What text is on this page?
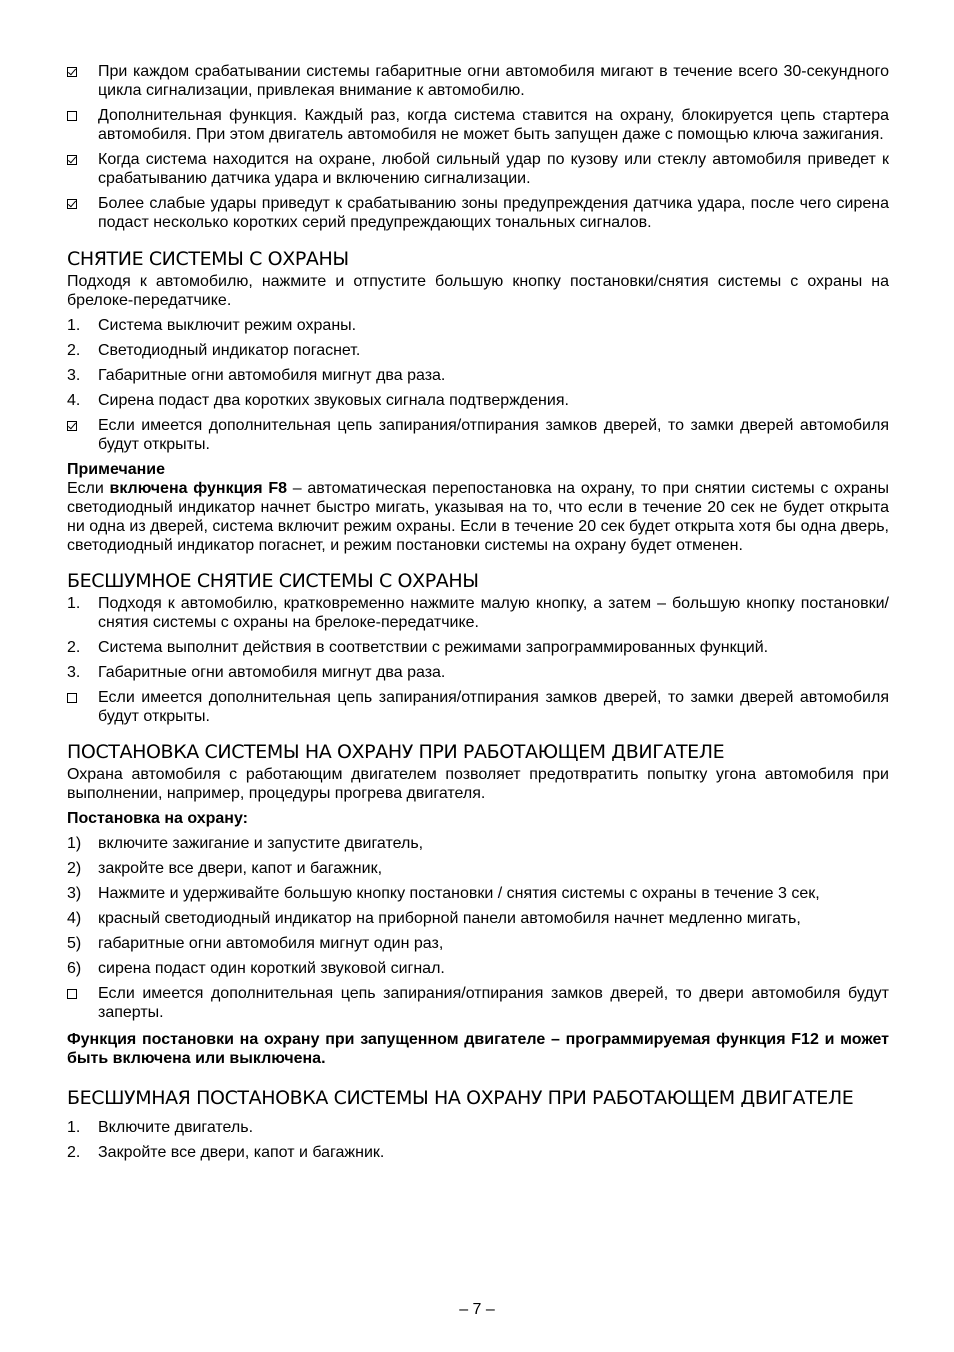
При каждом срабатывании системы габаритные огни автомобиля мигают в течение всего 30-секундного цикла сигнализации, привлекая внимание к автомобилю.
Дополнительная функция. Каждый раз, когда система ставится на охрану, блокируется цепь стартера автомобиля. При этом двигатель автомобиля не может быть запущен даже с помощью ключа зажигания.
Когда система находится на охране, любой сильный удар по кузову или стеклу автомобиля приведет к срабатыванию датчика удара и включению сигнализации.
Более слабые удары приведут к срабатыванию зоны предупреждения датчика удара, после чего сирена подаст несколько коротких серий предупреждающих тональных сигналов.
СНЯТИЕ СИСТЕМЫ С ОХРАНЫ

Подходя к автомобилю, нажмите и отпустите большую кнопку постановки/снятия системы с охраны на брелоке-передатчике.

1.	Система выключит режим охраны.
2.	Светодиодный индикатор погаснет.
3.	Габаритные огни автомобиля мигнут два раза.
4.	Сирена подаст два коротких звуковых сигнала подтверждения.
Если имеется дополнительная цепь запирания/отпирания замков дверей, то замки дверей автомобиля будут открыты.

Примечание

Если включена функция F8 – автоматическая перепостановка на охрану, то при снятии системы с охраны светодиодный индикатор начнет быстро мигать, указывая на то, что если в течение 20 сек не будет открыта ни одна из дверей, система включит режим охраны. Если в течение 20 сек будет открыта хотя бы одна дверь, светодиодный индикатор погаснет, и режим постановки системы на охрану будет отменен.

БЕСШУМНОЕ СНЯТИЕ СИСТЕМЫ С ОХРАНЫ
1.	Подходя к автомобилю, кратковременно нажмите малую кнопку, а затем – большую кнопку постановки/снятия системы с охраны на брелоке-передатчике.
2.	Система выполнит действия в соответствии с режимами запрограммированных функций.
3.	Габаритные огни автомобиля мигнут два раза.
Если имеется дополнительная цепь запирания/отпирания замков дверей, то замки дверей автомобиля будут открыты.
ПОСТАНОВКА СИСТЕМЫ НА ОХРАНУ ПРИ РАБОТАЮЩЕМ ДВИГАТЕЛЕ

Охрана автомобиля с работающим двигателем позволяет предотвратить попытку угона автомобиля при выполнении, например, процедуры прогрева двигателя.

Постановка на охрану:

1)	включите зажигание и запустите двигатель,
2)	закройте все двери, капот и багажник,
3)	Нажмите и удерживайте большую кнопку постановки / снятия системы с охраны в течение 3 сек,
4)	красный светодиодный индикатор на приборной панели автомобиля начнет медленно мигать,
5)	габаритные огни автомобиля мигнут один раз,
6)	сирена подаст один короткий звуковой сигнал.
Если имеется дополнительная цепь запирания/отпирания замков дверей, то двери автомобиля будут заперты.

Функция постановки на охрану при запущенном двигателе – программируемая функция F12 и может быть включена или выключена.

БЕСШУМНАЯ ПОСТАНОВКА СИСТЕМЫ НА ОХРАНУ ПРИ РАБОТАЮЩЕМ ДВИГАТЕЛЕ
1.	Включите двигатель.
2.	Закройте все двери, капот и багажник.
– 7 –
